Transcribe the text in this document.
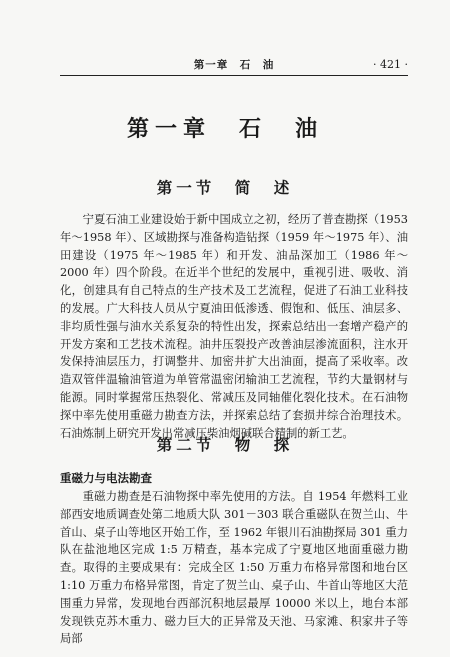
第一章　石　油	· 421 ·
第一章　石　油
第一节　简　述

宁夏石油工业建设始于新中国成立之初，经历了普查勘探（1953 年～1958 年）、区域勘探与准备构造钻探（1959 年～1975 年）、油田建设（1975 年～1985 年）和开发、油品深加工（1986 年～2000 年）四个阶段。在近半个世纪的发展中，重视引进、吸收、消化，创建具有自己特点的生产技术及工艺流程，促进了石油工业科技的发展。广大科技人员从宁夏油田低渗透、假饱和、低压、油层多、非均质性强与油水关系复杂的特性出发，探索总结出一套增产稳产的开发方案和工艺技术流程。油井压裂投产改善油层渗流面积，注水开发保持油层压力，打调整井、加密井扩大出油面，提高了采收率。改造双管伴温输油管道为单管常温密闭输油工艺流程，节约大量钢材与能源。同时掌握常压热裂化、常减压及同轴催化裂化技术。在石油物探中率先使用重磁力勘查方法，并探索总结了套损井综合治理技术。石油炼制上研究开发出常减压柴油烟碱联合精制的新工艺。

第二节　物　探
重磁力与电法勘查

重磁力勘查是石油物探中率先使用的方法。自 1954 年燃料工业部西安地质调查处第二地质大队 301－303 联合重磁队在贺兰山、牛首山、桌子山等地区开始工作，至 1962 年银川石油勘探局 301 重力队在盐池地区完成 1:5 万精查，基本完成了宁夏地区地面重磁力勘查。取得的主要成果有：完成全区 1:50 万重力布格异常图和地台区 1:10 万重力布格异常图，肯定了贺兰山、桌子山、牛首山等地区大范围重力异常，发现地台西部沉积地层最厚 10000 米以上，地台本部发现铁克苏木重力、磁力巨大的正异常及天池、马家滩、积家井子等局部
